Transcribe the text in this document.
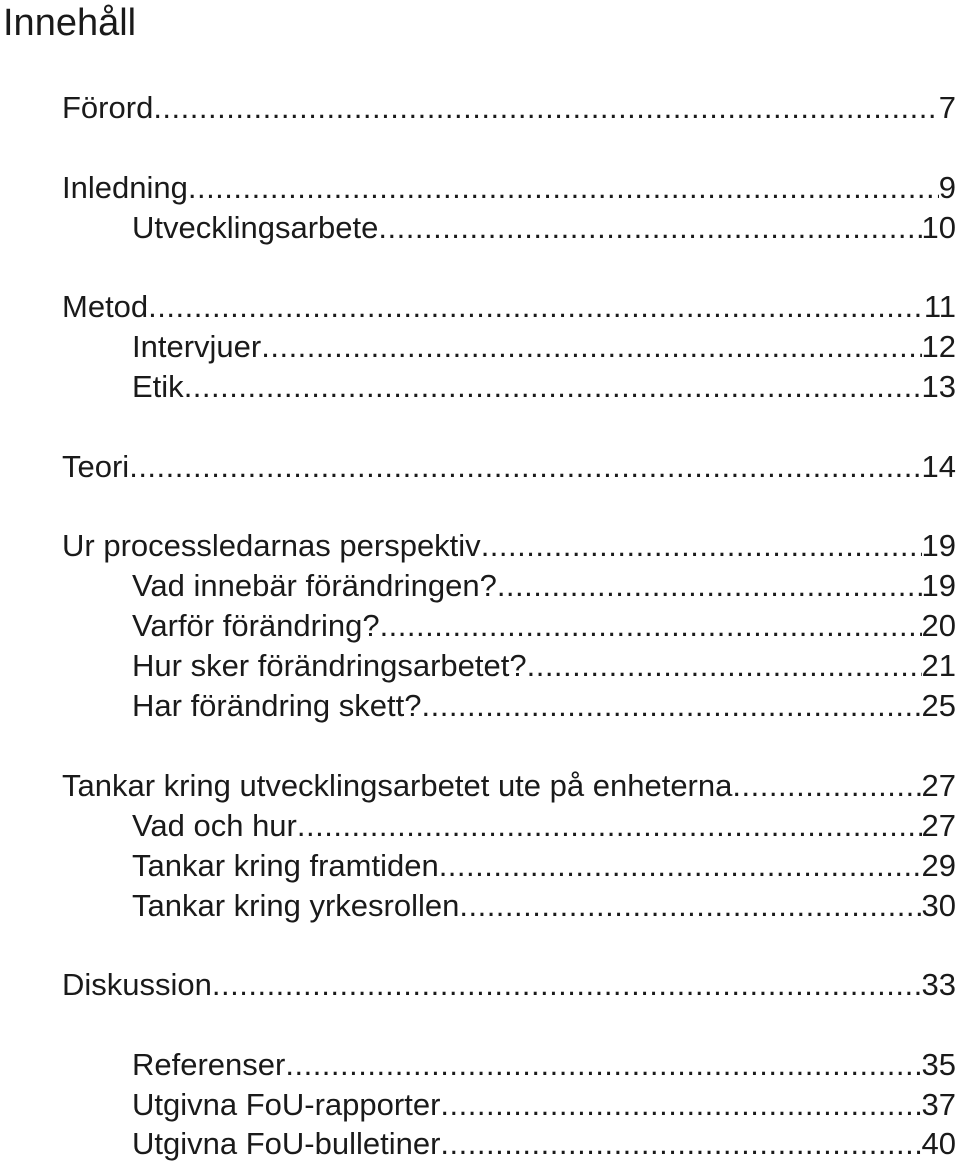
Innehåll
Förord .....	7
Inledning .....	9
Utvecklingsarbete .....	10
Metod .....	11
Intervjuer .....	12
Etik .....	13
Teori .....	14
Ur processledarnas perspektiv .....	19
Vad innebär förändringen? .....	19
Varför förändring? .....	20
Hur sker förändringsarbetet? .....	21
Har förändring skett? .....	25
Tankar kring utvecklingsarbetet ute på enheterna .....	27
Vad och hur .....	27
Tankar kring framtiden .....	29
Tankar kring yrkesrollen .....	30
Diskussion .....	33
Referenser .....	35
Utgivna FoU-rapporter .....	37
Utgivna FoU-bulletiner .....	40
